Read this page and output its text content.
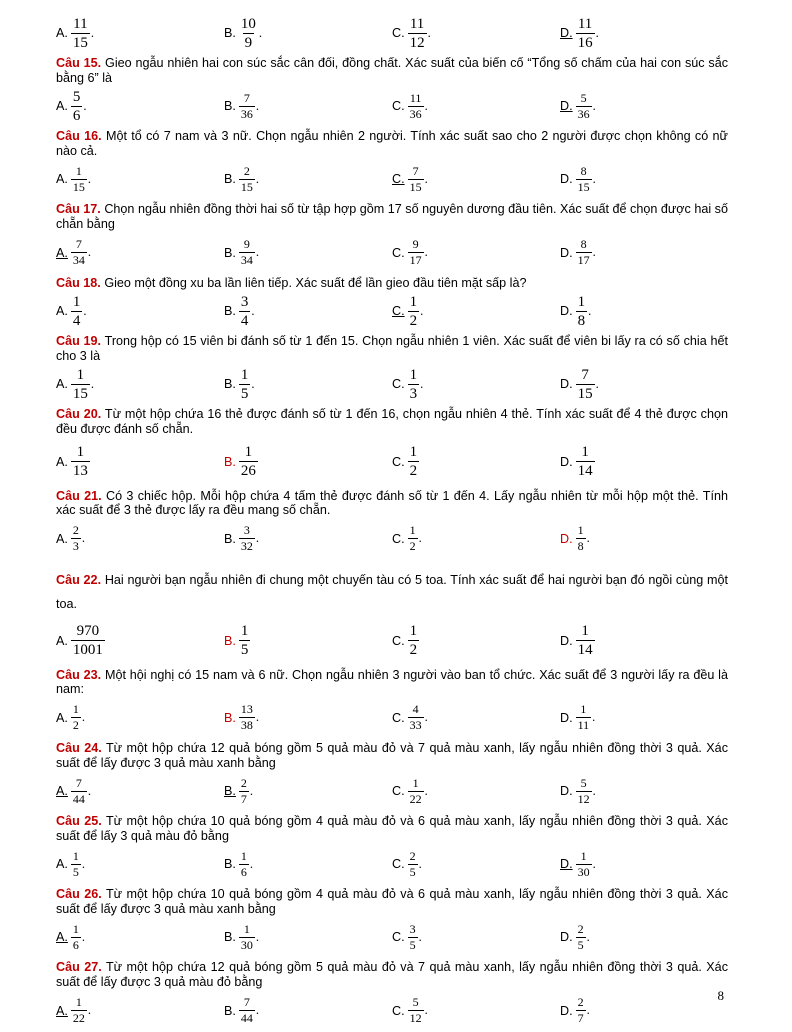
A. $\frac{11}{15}$ .	B. $\frac{10}{9}$ .	C. $\frac{11}{12}$ .	D. $\frac{11}{16}$ .
Câu 15. Gieo ngẫu nhiên hai con súc sắc cân đối, đồng chất. Xác suất của biến cố “Tổng số chấm của hai con súc sắc bằng 6” là
A. $\frac{5}{6}$ .	B. $\frac{7}{36}$ .	C. $\frac{11}{36}$ .	D. $\frac{5}{36}$ .
Câu 16. Một tổ có 7 nam và 3 nữ. Chọn ngẫu nhiên 2 người. Tính xác suất sao cho 2 người được chọn không có nữ nào cả.
A. $\frac{1}{15}$ .	B. $\frac{2}{15}$ .	C. $\frac{7}{15}$ .	D. $\frac{8}{15}$ .
Câu 17. Chọn ngẫu nhiên đồng thời hai số từ tập hợp gồm 17 số nguyên dương đầu tiên. Xác suất để chọn được hai số chẵn bằng
A. $\frac{7}{34}$ .	B. $\frac{9}{34}$ .	C. $\frac{9}{17}$ .	D. $\frac{8}{17}$ .
Câu 18. Gieo một đồng xu ba lần liên tiếp. Xác suất để lần gieo đầu tiên mặt sấp là?
A. $\frac{1}{4}$ .	B. $\frac{3}{4}$ .	C. $\frac{1}{2}$ .	D. $\frac{1}{8}$ .
Câu 19. Trong hộp có 15 viên bi đánh số từ 1 đến 15. Chọn ngẫu nhiên 1 viên. Xác suất để viên bi lấy ra có số chia hết cho 3 là
A. $\frac{1}{15}$ .	B. $\frac{1}{5}$ .	C. $\frac{1}{3}$ .	D. $\frac{7}{15}$ .
Câu 20. Từ một hộp chứa 16 thẻ được đánh số từ 1 đến 16, chọn ngẫu nhiên 4 thẻ. Tính xác suất để 4 thẻ được chọn đều được đánh số chẵn.
A. $\frac{1}{13}$	B. $\frac{1}{26}$	C. $\frac{1}{2}$	D. $\frac{1}{14}$
Câu 21. Có 3 chiếc hộp. Mỗi hộp chứa 4 tấm thẻ được đánh số từ 1 đến 4. Lấy ngẫu nhiên từ mỗi hộp một thẻ. Tính xác suất để 3 thẻ được lấy ra đều mang số chẵn.
A. $\frac{2}{3}$ .	B. $\frac{3}{32}$ .	C. $\frac{1}{2}$ .	D. $\frac{1}{8}$ .
Câu 22. Hai người bạn ngẫu nhiên đi chung một chuyến tàu có 5 toa. Tính xác suất để hai người bạn đó ngồi cùng một toa.
A. $\frac{970}{1001}$	B. $\frac{1}{5}$	C. $\frac{1}{2}$	D. $\frac{1}{14}$
Câu 23. Một hội nghị có 15 nam và 6 nữ. Chọn ngẫu nhiên 3 người vào ban tổ chức. Xác suất để 3 người lấy ra đều là nam:
A. $\frac{1}{2}$ .	B. $\frac{13}{38}$ .	C. $\frac{4}{33}$ .	D. $\frac{1}{11}$ .
Câu 24. Từ một hộp chứa 12 quả bóng gồm 5 quả màu đỏ và 7 quả màu xanh, lấy ngẫu nhiên đồng thời 3 quả. Xác suất để lấy được 3 quả màu xanh bằng
A. $\frac{7}{44}$ .	B. $\frac{2}{7}$ .	C. $\frac{1}{22}$ .	D. $\frac{5}{12}$ .
Câu 25. Từ một hộp chứa 10 quả bóng gồm 4 quả màu đỏ và 6 quả màu xanh, lấy ngẫu nhiên đồng thời 3 quả. Xác suất để lấy 3 quả màu đỏ bằng
A. $\frac{1}{5}$ .	B. $\frac{1}{6}$ .	C. $\frac{2}{5}$ .	D. $\frac{1}{30}$ .
Câu 26. Từ một hộp chứa 10 quả bóng gồm 4 quả màu đỏ và 6 quả màu xanh, lấy ngẫu nhiên đồng thời 3 quả. Xác suất để lấy được 3 quả màu xanh bằng
A. $\frac{1}{6}$ .	B. $\frac{1}{30}$ .	C. $\frac{3}{5}$ .	D. $\frac{2}{5}$ .
Câu 27. Từ một hộp chứa 12 quả bóng gồm 5 quả màu đỏ và 7 quả màu xanh, lấy ngẫu nhiên đồng thời 3 quả. Xác suất để lấy được 3 quả màu đỏ bằng
A. $\frac{1}{22}$ .	B. $\frac{7}{44}$ .	C. $\frac{5}{12}$ .	D. $\frac{2}{7}$ .
8
